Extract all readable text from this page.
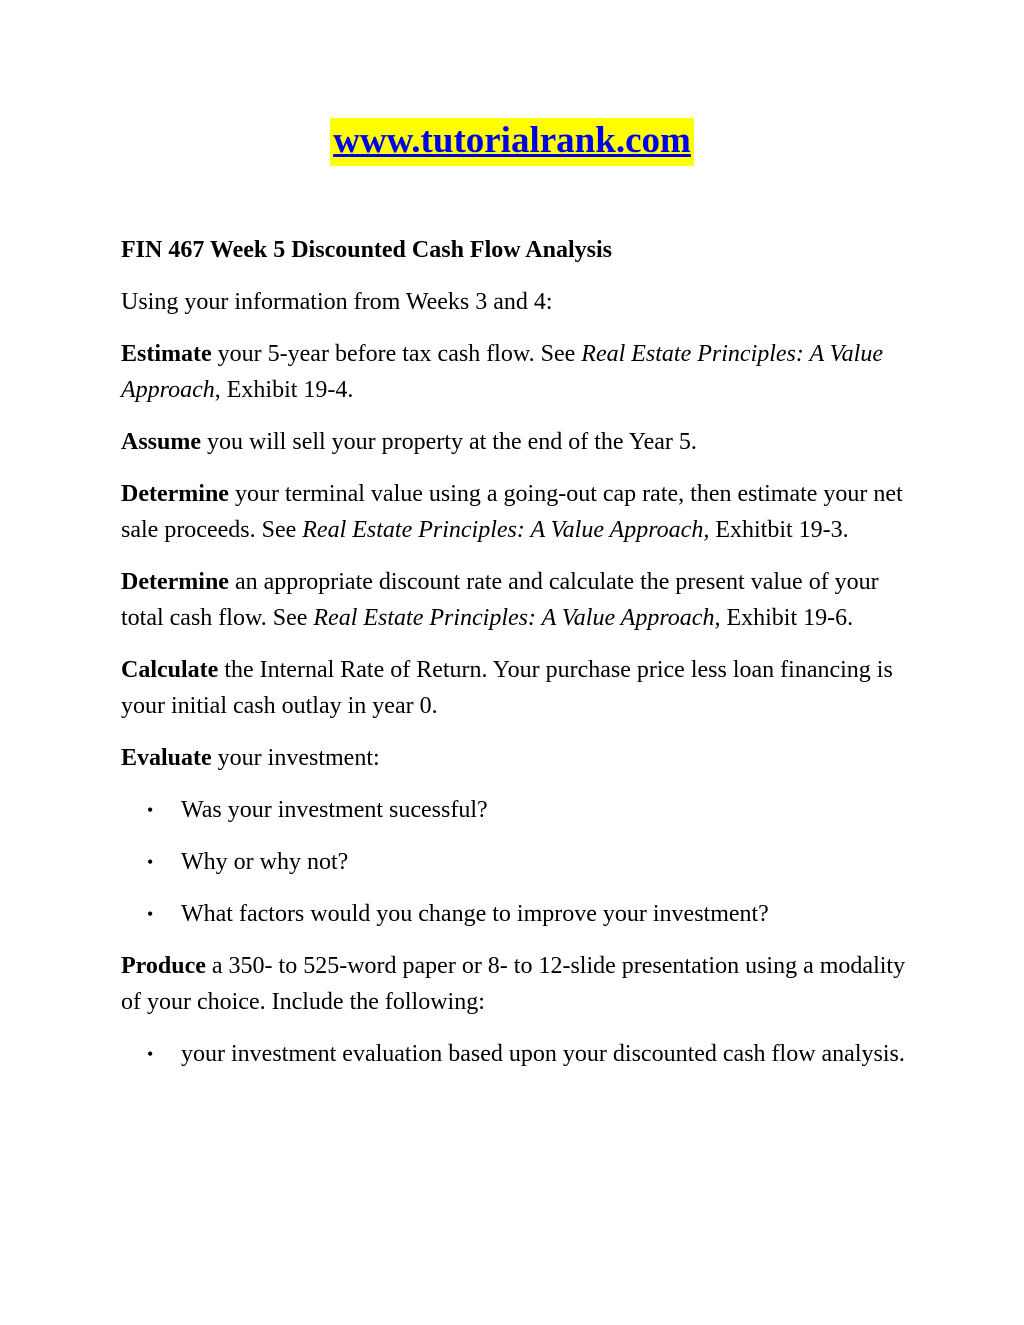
www.tutorialrank.com

FIN 467 Week 5 Discounted Cash Flow Analysis

Using your information from Weeks 3 and 4:

Estimate your 5-year before tax cash flow. See Real Estate Principles: A Value Approach, Exhibit 19-4.

Assume you will sell your property at the end of the Year 5.

Determine your terminal value using a going-out cap rate, then estimate your net sale proceeds. See Real Estate Principles: A Value Approach, Exhitbit 19-3.

Determine an appropriate discount rate and calculate the present value of your total cash flow. See Real Estate Principles: A Value Approach, Exhibit 19-6.

Calculate the Internal Rate of Return. Your purchase price less loan financing is your initial cash outlay in year 0.

Evaluate your investment:

• Was your investment sucessful?
• Why or why not?
• What factors would you change to improve your investment?

Produce a 350- to 525-word paper or 8- to 12-slide presentation using a modality of your choice. Include the following:

• your investment evaluation based upon your discounted cash flow analysis.
